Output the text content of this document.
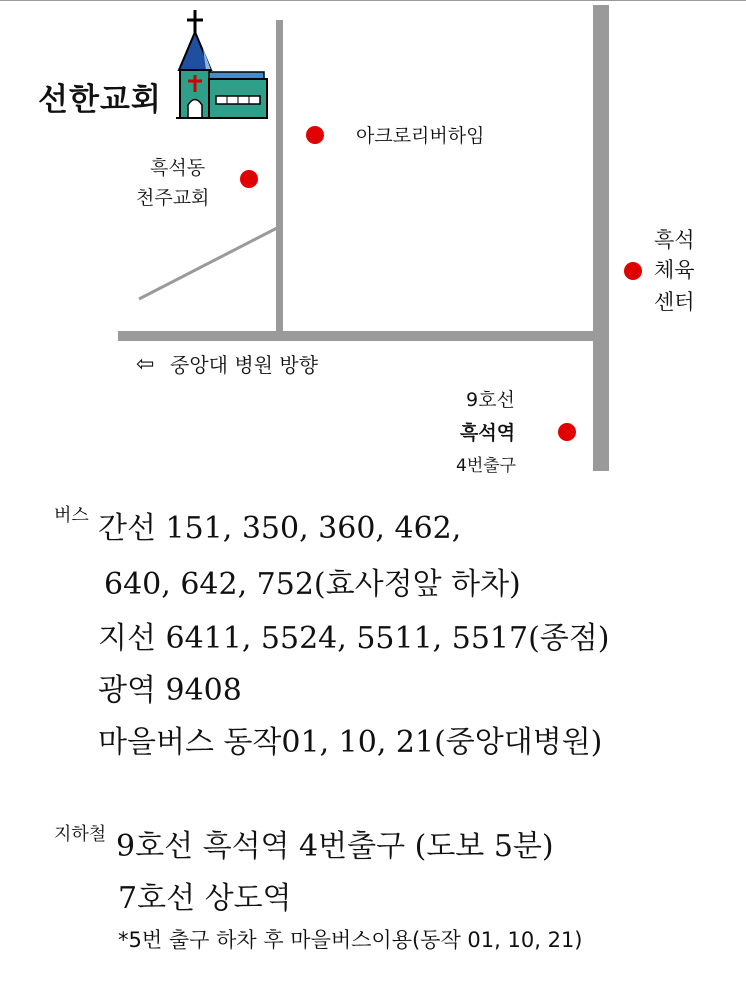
선한교회
아크로리버하임
흑석동
천주교회
흑석
체육
센터
⇦ 중앙대 병원 방향
9호선
흑석역
4번출구
버스 간선 151, 350, 360, 462,
640, 642, 752(효사정앞 하차)
지선 6411, 5524, 5511, 5517(종점)
광역 9408
마을버스 동작01, 10, 21(중앙대병원)
지하철 9호선 흑석역 4번출구 (도보 5분)
7호선 상도역
*5번 출구 하차 후 마을버스이용(동작 01, 10, 21)
